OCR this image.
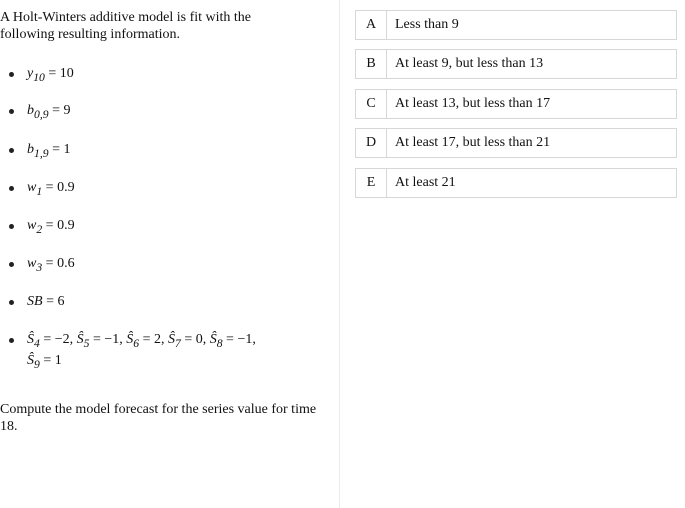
A Holt-Winters additive model is fit with the following resulting information.
$y_{10} = 10$
$b_{0,9} = 9$
$b_{1,9} = 1$
$w_1 = 0.9$
$w_2 = 0.9$
$w_3 = 0.6$
SB = 6
$Ŝ_4 = -2$, $Ŝ_5 = -1$, $Ŝ_6 = 2$, $Ŝ_7 = 0$, $Ŝ_8 = -1$,
$Ŝ_9 = 1$
Compute the model forecast for the series value for time 18.
A	Less than 9
B	At least 9, but less than 13
C	At least 13, but less than 17
D	At least 17, but less than 21
E	At least 21
